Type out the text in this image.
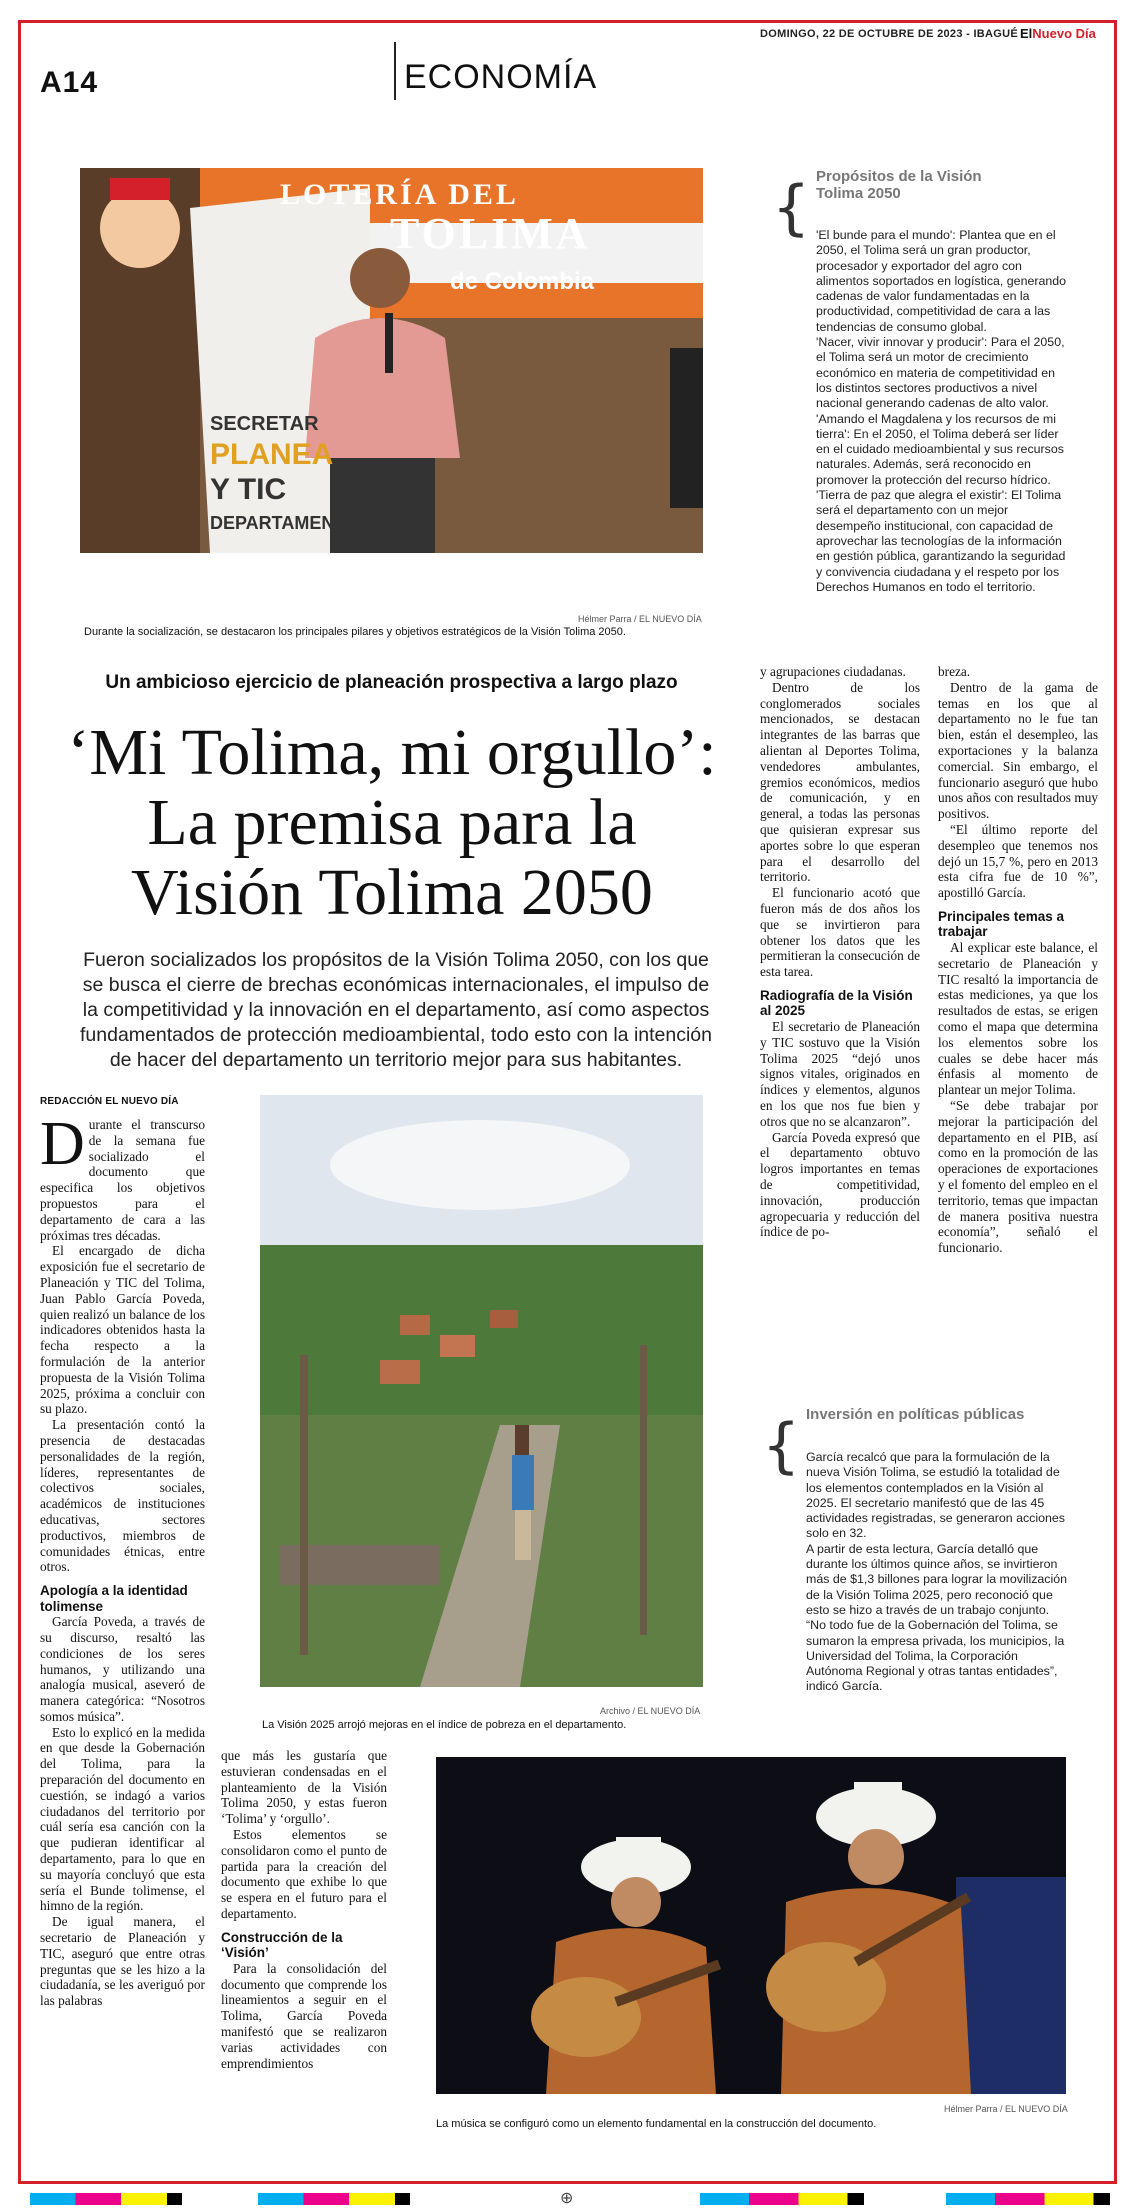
A14	ECONOMÍA
DOMINGO, 22 DE OCTUBRE DE 2023 - IBAGUÉ ElNuevo Día
LOTERÍA DEL
TOLIMA
de Colombia
SECRETAR
PLANEA
Y TIC
DEPARTAMEN
Hélmer Parra / EL NUEVO DÍA
Durante la socialización, se destacaron los principales pilares y objetivos estratégicos de la Visión Tolima 2050.
{ Propósitos de la Visión Tolima 2050

'El bunde para el mundo': Plantea que en el 2050, el Tolima será un gran productor, procesador y exportador del agro con alimentos soportados en logística, generando cadenas de valor fundamentadas en la productividad, competitividad de cara a las tendencias de consumo global.

'Nacer, vivir innovar y producir': Para el 2050, el Tolima será un motor de crecimiento económico en materia de competitividad en los distintos sectores productivos a nivel nacional generando cadenas de alto valor.

'Amando el Magdalena y los recursos de mi tierra': En el 2050, el Tolima deberá ser líder en el cuidado medioambiental y sus recursos naturales. Además, será reconocido en promover la protección del recurso hídrico.

'Tierra de paz que alegra el existir': El Tolima será el departamento con un mejor desempeño institucional, con capacidad de aprovechar las tecnologías de la información en gestión pública, garantizando la seguridad y convivencia ciudadana y el respeto por los Derechos Humanos en todo el territorio.

Un ambicioso ejercicio de planeación prospectiva a largo plazo
‘Mi Tolima, mi orgullo’:
La premisa para la
Visión Tolima 2050
Fueron socializados los propósitos de la Visión Tolima 2050, con los que se busca el cierre de brechas económicas internacionales, el impulso de la competitividad y la innovación en el departamento, así como aspectos fundamentados de protección medioambiental, todo esto con la intención de hacer del departamento un territorio mejor para sus habitantes.
REDACCIÓN EL NUEVO DÍA

Durante el transcurso de la semana fue socializado el documento que especifica los objetivos propuestos para el departamento de cara a las próximas tres décadas.

El encargado de dicha exposición fue el secretario de Planeación y TIC del Tolima, Juan Pablo García Poveda, quien realizó un balance de los indicadores obtenidos hasta la fecha respecto a la formulación de la anterior propuesta de la Visión Tolima 2025, próxima a concluir con su plazo.

La presentación contó la presencia de destacadas personalidades de la región, líderes, representantes de colectivos sociales, académicos de instituciones educativas, sectores productivos, miembros de comunidades étnicas, entre otros.

Apología a la identidad tolimense

García Poveda, a través de su discurso, resaltó las condiciones de los seres humanos, y utilizando una analogía musical, aseveró de manera categórica: “Nosotros somos música”.

Esto lo explicó en la medida en que desde la Gobernación del Tolima, para la preparación del documento en cuestión, se indagó a varios ciudadanos del territorio por cuál sería esa canción con la que pudieran identificar al departamento, para lo que en su mayoría concluyó que esta sería el Bunde tolimense, el himno de la región.

De igual manera, el secretario de Planeación y TIC, aseguró que entre otras preguntas que se les hizo a la ciudadanía, se les averiguó por las palabras

Archivo / EL NUEVO DÍA
La Visión 2025 arrojó mejoras en el índice de pobreza en el departamento.

que más les gustaría que estuvieran condensadas en el planteamiento de la Visión Tolima 2050, y estas fueron ‘Tolima’ y ‘orgullo’.

Estos elementos se consolidaron como el punto de partida para la creación del documento que exhibe lo que se espera en el futuro para el departamento.

Construcción de la ‘Visión’

Para la consolidación del documento que comprende los lineamientos a seguir en el Tolima, García Poveda manifestó que se realizaron varias actividades con emprendimientos

y agrupaciones ciudadanas.

Dentro de los conglomerados sociales mencionados, se destacan integrantes de las barras que alientan al Deportes Tolima, vendedores ambulantes, gremios económicos, medios de comunicación, y en general, a todas las personas que quisieran expresar sus aportes sobre lo que esperan para el desarrollo del territorio.

El funcionario acotó que fueron más de dos años los que se invirtieron para obtener los datos que les permitieran la consecución de esta tarea.

Radiografía de la Visión al 2025

El secretario de Planeación y TIC sostuvo que la Visión Tolima 2025 “dejó unos signos vitales, originados en índices y elementos, algunos en los que nos fue bien y otros que no se alcanzaron”.

García Poveda expresó que el departamento obtuvo logros importantes en temas de competitividad, innovación, producción agropecuaria y reducción del índice de po-

breza.

Dentro de la gama de temas en los que al departamento no le fue tan bien, están el desempleo, las exportaciones y la balanza comercial. Sin embargo, el funcionario aseguró que hubo unos años con resultados muy positivos.

“El último reporte del desempleo que tenemos nos dejó un 15,7 %, pero en 2013 esta cifra fue de 10 %”, apostilló García.

Principales temas a trabajar

Al explicar este balance, el secretario de Planeación y TIC resaltó la importancia de estas mediciones, ya que los resultados de estas, se erigen como el mapa que determina los elementos sobre los cuales se debe hacer más énfasis al momento de plantear un mejor Tolima.

“Se debe trabajar por mejorar la participación del departamento en el PIB, así como en la promoción de las operaciones de exportaciones y el fomento del empleo en el territorio, temas que impactan de manera positiva nuestra economía”, señaló el funcionario.

{ Inversión en políticas públicas

García recalcó que para la formulación de la nueva Visión Tolima, se estudió la totalidad de los elementos contemplados en la Visión al 2025. El secretario manifestó que de las 45 actividades registradas, se generaron acciones solo en 32.

A partir de esta lectura, García detalló que durante los últimos quince años, se invirtieron más de $1,3 billones para lograr la movilización de la Visión Tolima 2025, pero reconoció que esto se hizo a través de un trabajo conjunto.

“No todo fue de la Gobernación del Tolima, se sumaron la empresa privada, los municipios, la Universidad del Tolima, la Corporación Autónoma Regional y otras tantas entidades”, indicó García.

Hélmer Parra / EL NUEVO DÍA
La música se configuró como un elemento fundamental en la construcción del documento.
⊕
